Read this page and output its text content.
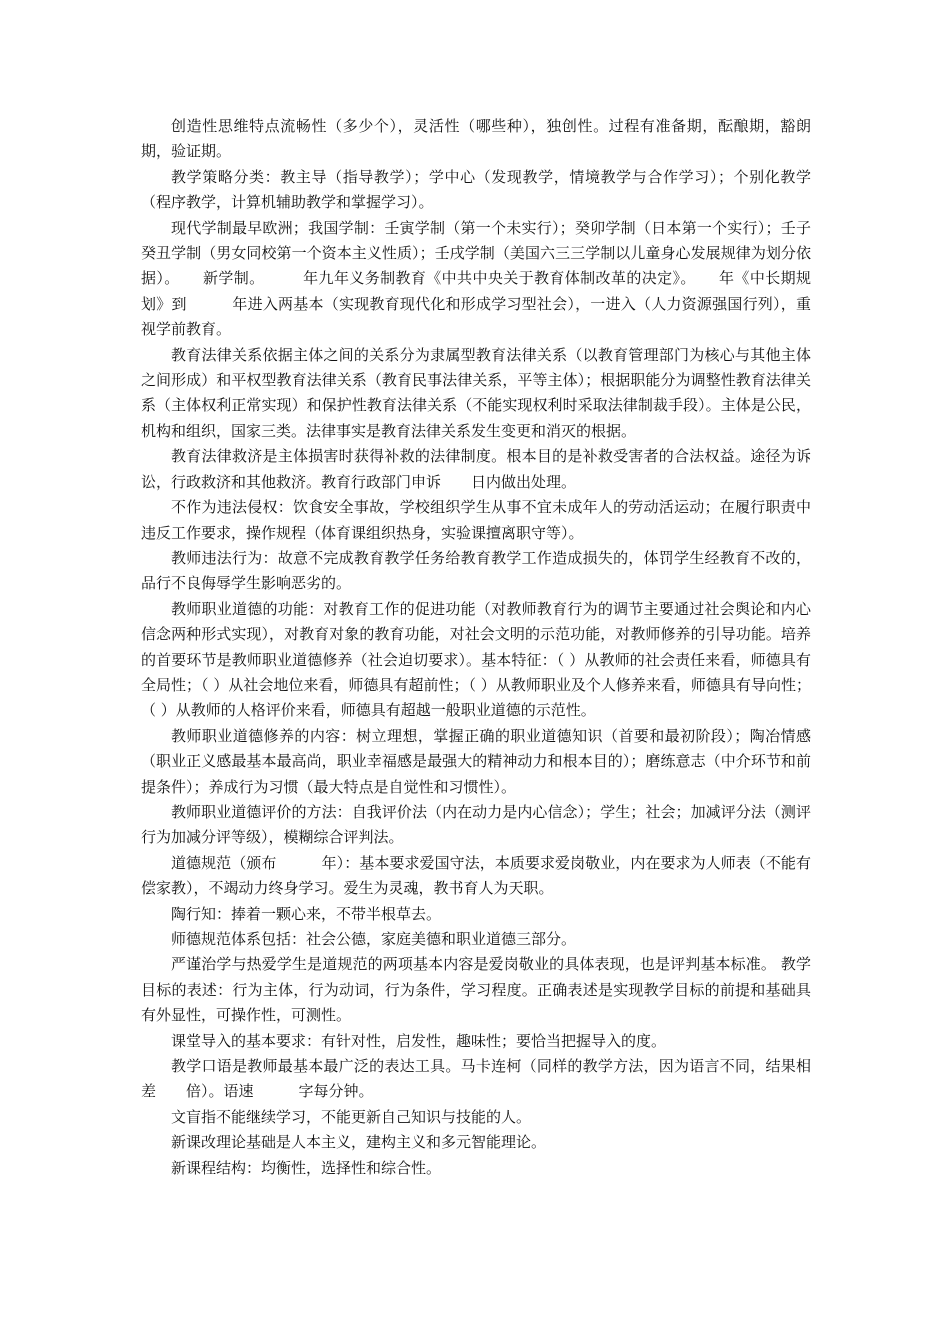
创造性思维特点流畅性（多少个），灵活性（哪些种），独创性。过程有准备期，酝酿期，豁朗期，验证期。

教学策略分类：教主导（指导教学）；学中心（发现教学，情境教学与合作学习）；个别化教学（程序教学，计算机辅助教学和掌握学习）。

现代学制最早欧洲；我国学制：壬寅学制（第一个未实行）；癸卯学制（日本第一个实行）；壬子癸丑学制（男女同校第一个资本主义性质）；壬戌学制（美国六三三学制以儿童身心发展规律为划分依据）。　　新学制。　　　年九年义务制教育《中共中央关于教育体制改革的决定》。　　年《中长期规划》到　　　年进入两基本（实现教育现代化和形成学习型社会），一进入（人力资源强国行列），重视学前教育。

教育法律关系依据主体之间的关系分为隶属型教育法律关系（以教育管理部门为核心与其他主体之间形成）和平权型教育法律关系（教育民事法律关系，平等主体）；根据职能分为调整性教育法律关系（主体权利正常实现）和保护性教育法律关系（不能实现权利时采取法律制裁手段）。主体是公民，机构和组织，国家三类。法律事实是教育法律关系发生变更和消灭的根据。

教育法律救济是主体损害时获得补救的法律制度。根本目的是补救受害者的合法权益。途径为诉讼，行政救济和其他救济。教育行政部门申诉　　日内做出处理。

不作为违法侵权：饮食安全事故，学校组织学生从事不宜未成年人的劳动活运动；在履行职责中违反工作要求，操作规程（体育课组织热身，实验课擅离职守等）。

教师违法行为：故意不完成教育教学任务给教育教学工作造成损失的，体罚学生经教育不改的，品行不良侮辱学生影响恶劣的。

教师职业道德的功能：对教育工作的促进功能（对教师教育行为的调节主要通过社会舆论和内心信念两种形式实现），对教育对象的教育功能，对社会文明的示范功能，对教师修养的引导功能。培养的首要环节是教师职业道德修养（社会迫切要求）。基本特征：（ ）从教师的社会责任来看，师德具有全局性；（ ）从社会地位来看，师德具有超前性；（ ）从教师职业及个人修养来看，师德具有导向性；（ ）从教师的人格评价来看，师德具有超越一般职业道德的示范性。

教师职业道德修养的内容：树立理想，掌握正确的职业道德知识（首要和最初阶段）；陶冶情感（职业正义感最基本最高尚，职业幸福感是最强大的精神动力和根本目的）；磨练意志（中介环节和前提条件）；养成行为习惯（最大特点是自觉性和习惯性）。

教师职业道德评价的方法：自我评价法（内在动力是内心信念）；学生；社会；加减评分法（测评行为加减分评等级），模糊综合评判法。

道德规范（颁布　　　年）：基本要求爱国守法，本质要求爱岗敬业，内在要求为人师表（不能有偿家教），不竭动力终身学习。爱生为灵魂，教书育人为天职。

陶行知：捧着一颗心来，不带半根草去。

师德规范体系包括：社会公德，家庭美德和职业道德三部分。

严谨治学与热爱学生是道规范的两项基本内容是爱岗敬业的具体表现，也是评判基本标准。 教学目标的表述：行为主体，行为动词，行为条件，学习程度。正确表述是实现教学目标的前提和基础具有外显性，可操作性，可测性。

课堂导入的基本要求：有针对性，启发性，趣味性；要恰当把握导入的度。

教学口语是教师最基本最广泛的表达工具。马卡连柯（同样的教学方法，因为语言不同，结果相差　　倍）。语速　　　字每分钟。

文盲指不能继续学习，不能更新自己知识与技能的人。

新课改理论基础是人本主义，建构主义和多元智能理论。

新课程结构：均衡性，选择性和综合性。
